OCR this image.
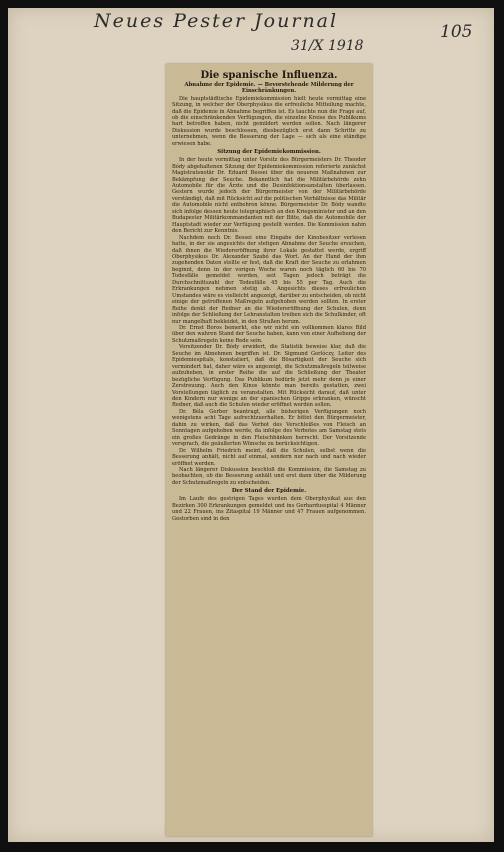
Neues Pester Journal	105
31/X 1918
Die spanische Influenza.
Abnahme der Epidemie. — Bevorstehende Milderung der Einschränkungen.

Die hauptstädtische Epidemiekommission hielt heute vormittag eine Sitzung, in welcher der Oberphysikus die erfreuliche Mitteilung machte, daß die Epidemie in Abnahme begriffen ist. Es tauchte nun die Frage auf, ob die einschränkenden Verfügungen, die einzelne Kreise des Publikums hart betroffen haben, nicht gemildert werden sollen. Nach längerer Diskussion wurde beschlossen, diesbezüglich erst dann Schritte zu unternehmen, wenn die Besserung der Lage — sich als eine ständige erwiesen habe.

Sitzung der Epidemiekommission.

In der heute vormittag unter Vorsitz des Bürgermeisters Dr. Theodor Bódy abgehaltenen Sitzung der Epidemiekommission referierte zunächst Magistratsnotär Dr. Eduard Bessei über die neueren Maßnahmen zur Bekämpfung der Seuche. Bekanntlich hat die Militärbehörde zehn Automobile für die Ärzte und die Desinfektionsanstalten überlassen. Gestern wurde jedoch der Bürgermeister von der Militärbehörde verständigt, daß mit Rücksicht auf die politischen Verhältnisse das Militär die Automobile nicht entbehren könne. Bürgermeister Dr. Bódy wandte sich infolge dessen heute telegraphisch an den Kriegsminister und an den Budapester Militärkommandanten mit der Bitte, daß die Automobile der Hauptstadt wieder zur Verfügung gestellt werden. Die Kommission nahm den Bericht zur Kenntnis.

Nachdem noch Dr. Bessei eine Eingabe der Kinobesitzer verlesen hatte, in der sie angesichts der stetigen Abnahme der Seuche ersuchen, daß ihnen die Wiedereröffnung ihrer Lokale gestattet werde, ergriff Oberphysikus Dr. Alexander Szabó das Wort. An der Hand der ihm zugehenden Daten stellte er fest, daß die Kraft der Seuche zu erlahmen beginnt, denn in der vorigen Woche waren noch täglich 60 bis 70 Todesfälle gemeldet worden, seit Tagen jedoch beträgt die Durchschnittszahl der Todesfälle 45 bis 55 per Tag. Auch die Erkrankungen nehmen stetig ab. Angesichts dieses erfreulichen Umstandes wäre es vielleicht angezeigt, darüber zu entscheiden, ob nicht einige der getroffenen Maßregeln aufgehoben werden sollten. In erster Reihe denkt der Redner an die Wiedereröffnung der Schulen, denn infolge der Schließung der Lehranstalten treiben sich die Schulkinder, oft nur mangelhaft bekleidet, in den Straßen herum.

Dr. Ernst Boros bemerkt, ehe wir nicht ein vollkommen klares Bild über den wahren Stand der Seuche haben, kann von einer Aufhebung der Schutzmaßregeln keine Rede sein.

Vorsitzender Dr. Bódy erwidert, die Statistik beweise klar, daß die Seuche im Abnehmen begriffen ist. Dr. Sigmund Gerlóczy, Leiter des Epidemiespitals, konstatiert, daß die Bösartigkeit der Seuche sich vermindert hat, daher wäre es angezeigt, die Schutzmaßregeln teilweise aufzuheben, in erster Reihe die auf die Schließung der Theater bezügliche Verfügung. Das Publikum bedürfe jetzt mehr denn je einer Zerstreuung. Auch den Kinos könnte man bereits gestatten, zwei Vorstellungen täglich zu veranstalten. Mit Rücksicht darauf, daß unter den Kindern nur wenige an der spanischen Grippe erkranken, wünscht Redner, daß auch die Schulen wieder eröffnet werden sollen.

Dr. Béla Gerber beantragt, alle bisherigen Verfügungen noch wenigstens acht Tage aufrechtzuerhalten. Er bittet den Bürgermeister, dahin zu wirken, daß das Verbot des Verschleißes von Fleisch an Sonntagen aufgehoben werde, da infolge des Verbotes am Samstag stets ein großes Gedränge in den Fleischbänken herrscht. Der Vorsitzende versprach, die geäußerten Wünsche zu berücksichtigen.

Dr. Wilhelm Friedrich meint, daß die Schulen, selbst wenn die Besserung anhält, nicht auf einmal, sondern nur nach und nach wieder eröffnet werden.

Nach längerer Diskussion beschloß die Kommission, die Samstag zu beobachten, ob die Besserung anhält und erst dann über die Milderung der Schutzmaßregeln zu entscheiden.

Der Stand der Epidemie.

Im Laufe des gestrigen Tages wurden dem Oberphysikat aus den Bezirken 300 Erkrankungen gemeldet und ins Gerhardusspital 4 Männer und 22 Frauen, ins Zitaspital 19 Männer und 47 Frauen aufgenommen. Gestorben sind in den
